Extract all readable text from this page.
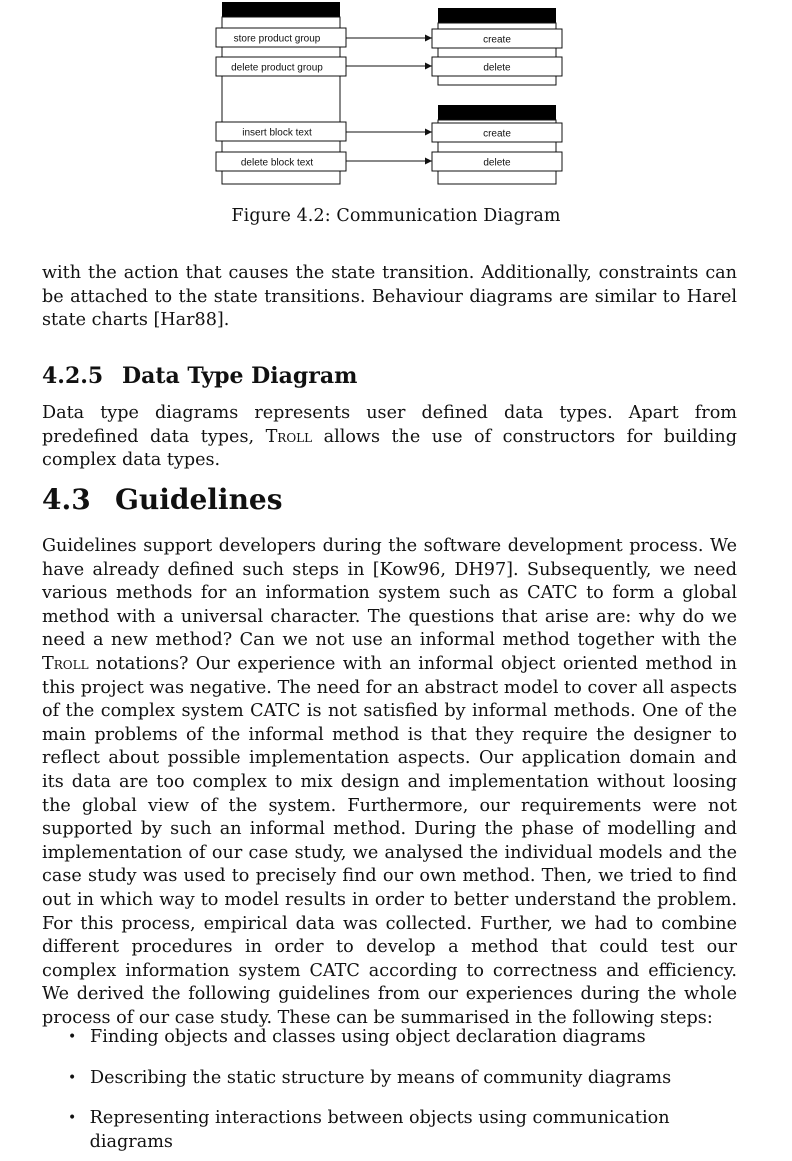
store product group
delete product group
insert block text
delete block text
create
delete
create
delete
Figure 4.2: Communication Diagram

with the action that causes the state transition. Additionally, constraints can be attached to the state transitions. Behaviour diagrams are similar to Harel state charts [Har88].

4.2.5 Data Type Diagram

Data type diagrams represents user defined data types. Apart from predefined data types, Troll allows the use of constructors for building complex data types.

4.3 Guidelines

Guidelines support developers during the software development process. We have already defined such steps in [Kow96, DH97]. Subsequently, we need various methods for an information system such as CATC to form a global method with a universal character. The questions that arise are: why do we need a new method? Can we not use an informal method together with the Troll notations? Our experience with an informal object oriented method in this project was negative. The need for an abstract model to cover all aspects of the complex system CATC is not satisfied by informal methods. One of the main problems of the informal method is that they require the designer to reflect about possible implementation aspects. Our application domain and its data are too complex to mix design and implementation without loosing the global view of the system. Furthermore, our requirements were not supported by such an informal method. During the phase of modelling and implementation of our case study, we analysed the individual models and the case study was used to precisely find our own method. Then, we tried to find out in which way to model results in order to better understand the problem. For this process, empirical data was collected. Further, we had to combine different procedures in order to develop a method that could test our complex information system CATC according to correctness and efficiency. We derived the following guidelines from our experiences during the whole process of our case study. These can be summarised in the following steps:

• Finding objects and classes using object declaration diagrams
• Describing the static structure by means of community diagrams
• Representing interactions between objects using communication diagrams
